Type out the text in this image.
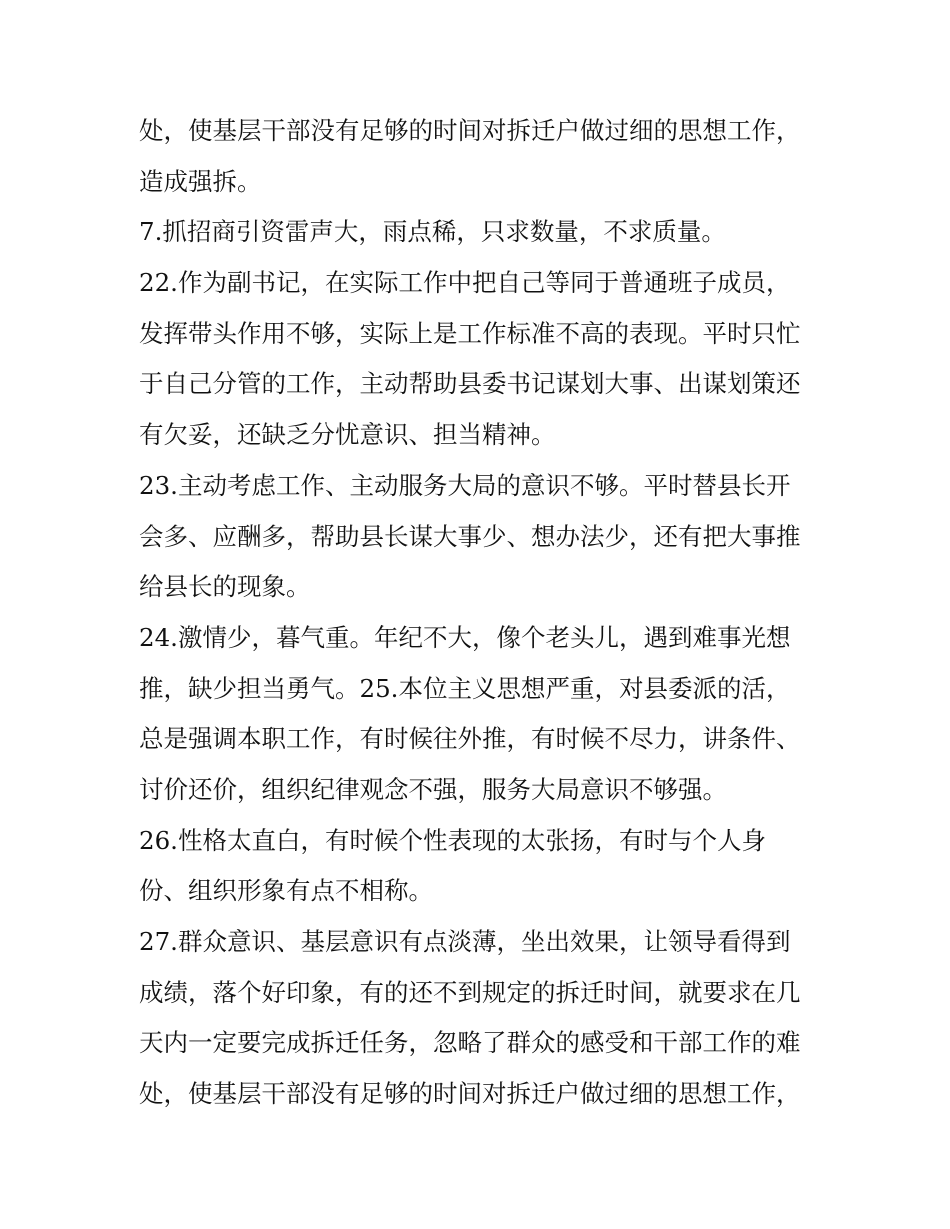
处，使基层干部没有足够的时间对拆迁户做过细的思想工作，
造成强拆。
7.抓招商引资雷声大，雨点稀，只求数量，不求质量。
22.作为副书记，在实际工作中把自己等同于普通班子成员，
发挥带头作用不够，实际上是工作标准不高的表现。平时只忙
于自己分管的工作，主动帮助县委书记谋划大事、出谋划策还
有欠妥，还缺乏分忧意识、担当精神。
23.主动考虑工作、主动服务大局的意识不够。平时替县长开
会多、应酬多，帮助县长谋大事少、想办法少，还有把大事推
给县长的现象。
24.激情少，暮气重。年纪不大，像个老头儿，遇到难事光想
推，缺少担当勇气。25.本位主义思想严重，对县委派的活，
总是强调本职工作，有时候往外推，有时候不尽力，讲条件、
讨价还价，组织纪律观念不强，服务大局意识不够强。
26.性格太直白，有时候个性表现的太张扬，有时与个人身
份、组织形象有点不相称。
27.群众意识、基层意识有点淡薄，坐出效果，让领导看得到
成绩，落个好印象，有的还不到规定的拆迁时间，就要求在几
天内一定要完成拆迁任务，忽略了群众的感受和干部工作的难
处，使基层干部没有足够的时间对拆迁户做过细的思想工作，
